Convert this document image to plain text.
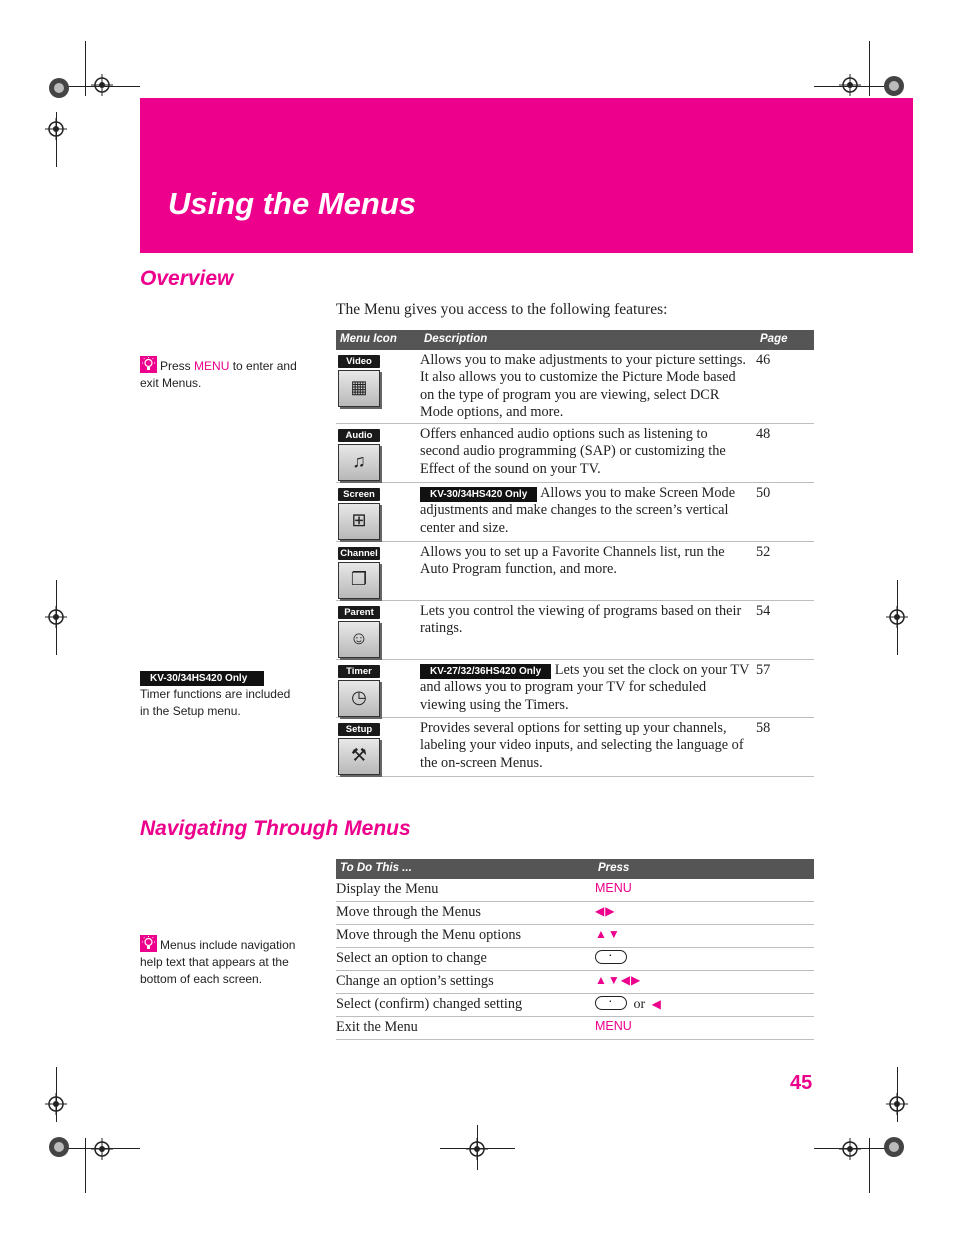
Using the Menus
Overview
The Menu gives you access to the following features:
Press MENU to enter and
exit Menus.
KV-30/34HS420 Only
Timer functions are included
in the Setup menu.
Menu Icon Description	Page
Video
▦
Allows you to make adjustments to your picture settings. It also allows you to customize the Picture Mode based on the type of program you are viewing, select DCR Mode options, and more.
46
Audio
♫
Offers enhanced audio options such as listening to second audio programming (SAP) or customizing the Effect of the sound on your TV.
48
Screen
⊞
KV-30/34HS420 Only Allows you to make Screen Mode adjustments and make changes to the screen’s vertical center and size.
50
Channel
❐
Allows you to set up a Favorite Channels list, run the Auto Program function, and more.
52
Parent
☺
Lets you control the viewing of programs based on their ratings.
54
Timer
◷
KV-27/32/36HS420 Only Lets you set the clock on your TV and allows you to program your TV for scheduled viewing using the Timers.
57
Setup
⚒
Provides several options for setting up your channels, labeling your video inputs, and selecting the language of the on-screen Menus.
58
Navigating Through Menus
Menus include navigation
help text that appears at the
bottom of each screen.
To Do This ...	Press
Display the Menu	MENU
Move through the Menus	◀▶
Move through the Menu options	▲▼
Select an option to change
·
Change an option’s settings	▲▼◀▶
Select (confirm) changed setting
·	or ◀
Exit the Menu	MENU
45
